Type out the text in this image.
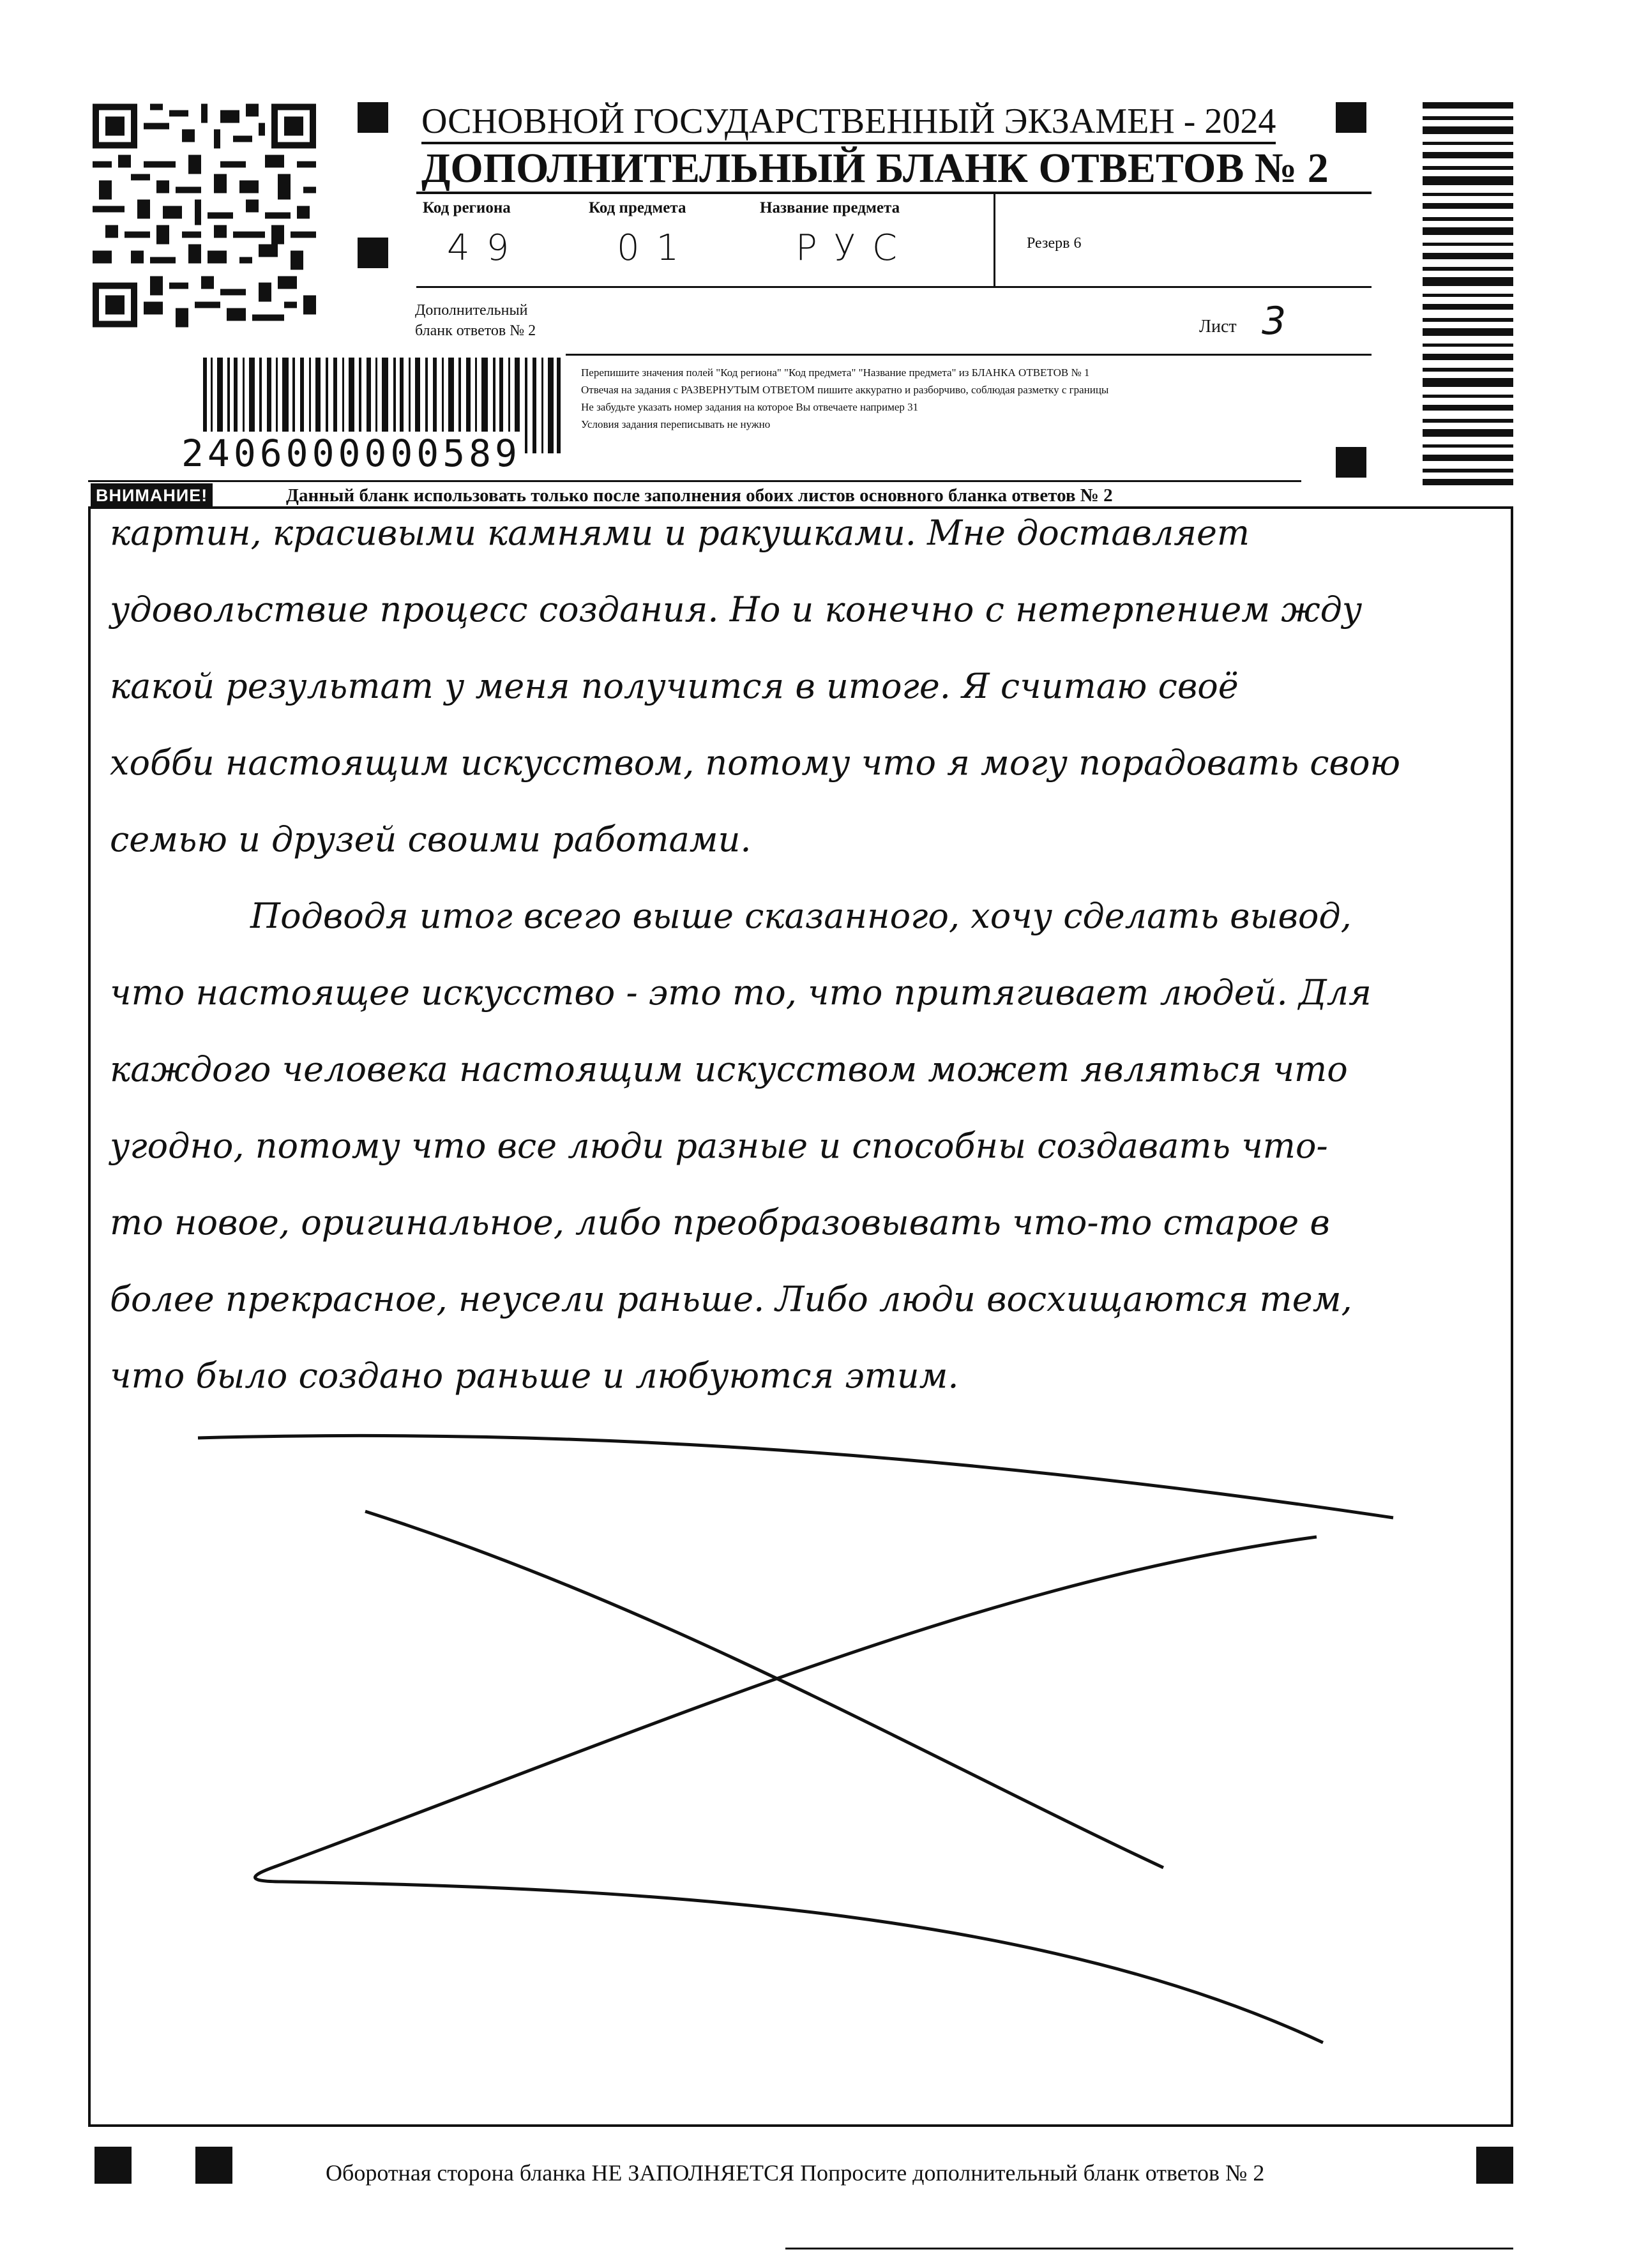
ОСНОВНОЙ ГОСУДАРСТВЕННЫЙ ЭКЗАМЕН - 2024
ДОПОЛНИТЕЛЬНЫЙ БЛАНК ОТВЕТОВ № 2
Код региона	Код предмета	Название предмета
49	01	РУС	Резерв 6
Дополнительный
бланк ответов № 2	Лист 3
2406000000589
Перепишите значения полей "Код региона" "Код предмета" "Название предмета" из БЛАНКА ОТВЕТОВ № 1
Отвечая на задания с РАЗВЕРНУТЫМ ОТВЕТОМ пишите аккуратно и разборчиво, соблюдая разметку с границы
Не забудьте указать номер задания на которое Вы отвечаете например 31
Условия задания переписывать не нужно
ВНИМАНИЕ!	Данный бланк использовать только после заполнения обоих листов основного бланка ответов № 2
картин, красивыми камнями и ракушками. Мне доставляет
удовольствие процесс создания. Но и конечно с нетерпением жду
какой результат у меня получится в итоге. Я считаю своё
хобби настоящим искусством, потому что я могу порадовать свою
семью и друзей своими работами.
Подводя итог всего выше сказанного, хочу сделать вывод,
что настоящее искусство - это то, что притягивает людей. Для
каждого человека настоящим искусством может являться что
угодно, потому что все люди разные и способны создавать что-
то новое, оригинальное, либо преобразовывать что-то старое в
более прекрасное, неусели раньше. Либо люди восхищаются тем,
что было создано раньше и любуются этим.
Оборотная сторона бланка НЕ ЗАПОЛНЯЕТСЯ Попросите дополнительный бланк ответов № 2
